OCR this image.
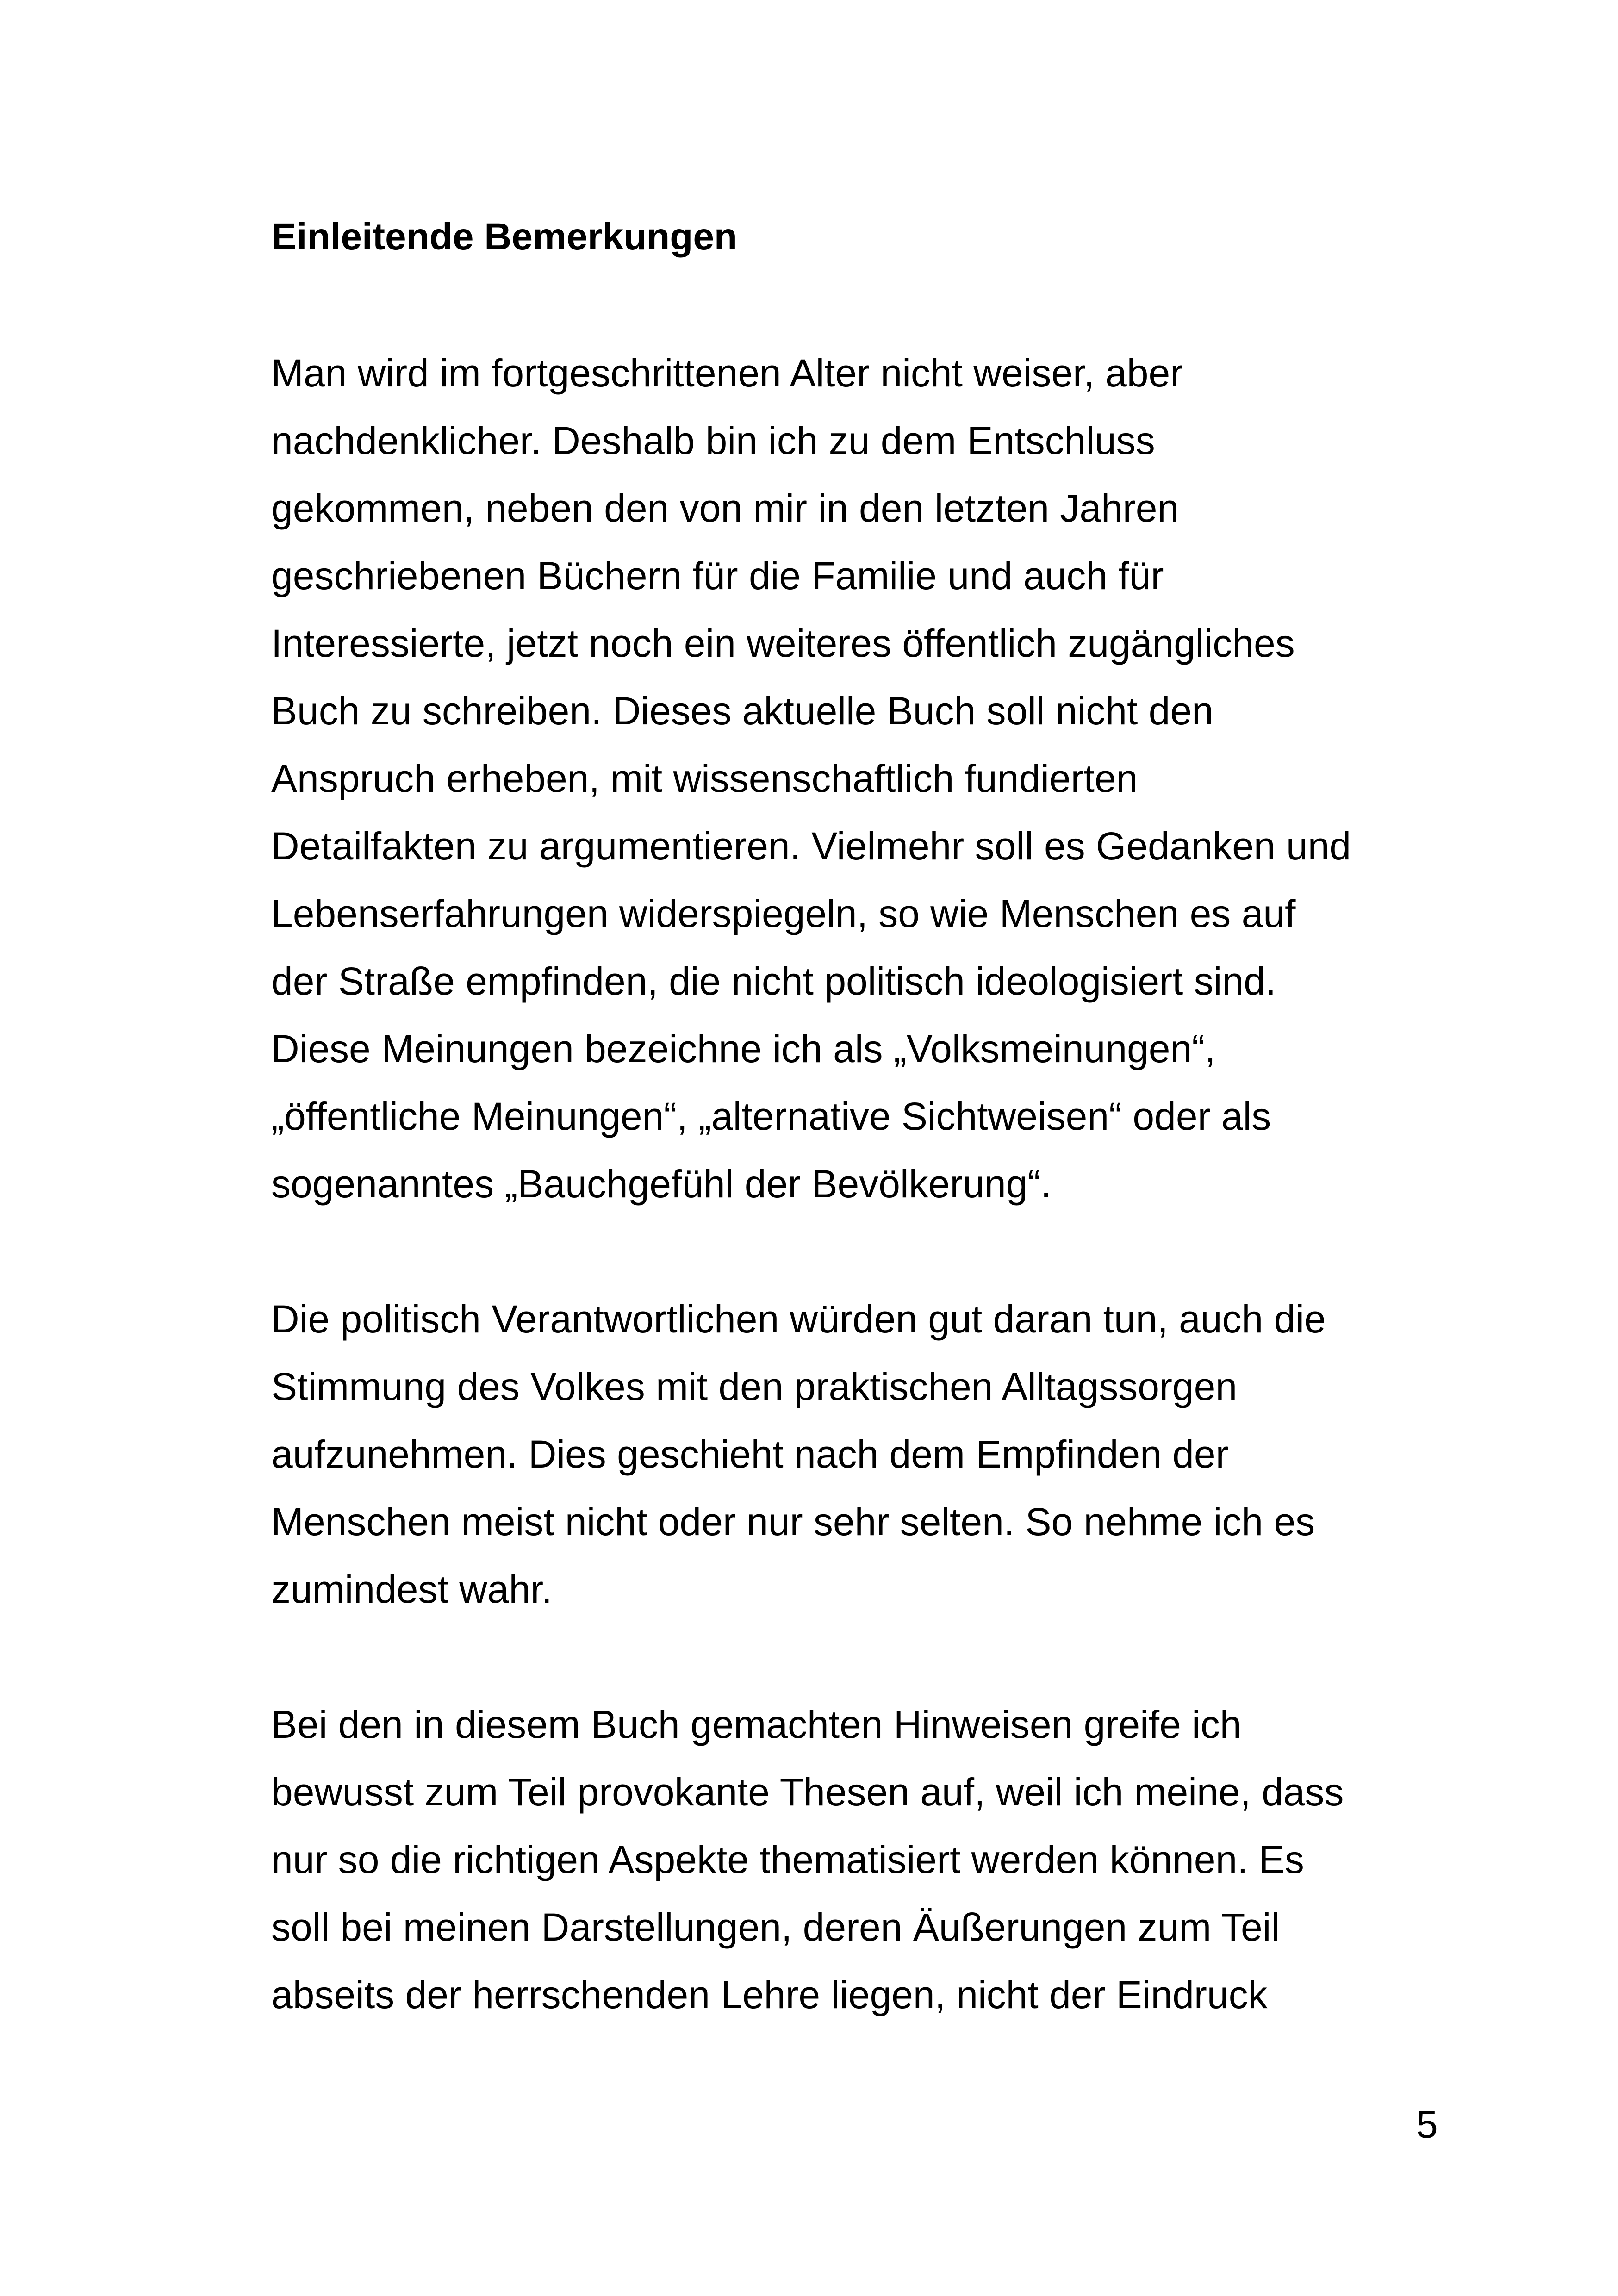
Einleitende Bemerkungen

Man wird im fortgeschrittenen Alter nicht weiser, aber

nachdenklicher. Deshalb bin ich zu dem Entschluss

gekommen, neben den von mir in den letzten Jahren

geschriebenen Büchern für die Familie und auch für

Interessierte, jetzt noch ein weiteres öffentlich zugängliches

Buch zu schreiben. Dieses aktuelle Buch soll nicht den

Anspruch erheben, mit wissenschaftlich fundierten

Detailfakten zu argumentieren. Vielmehr soll es Gedanken und

Lebenserfahrungen widerspiegeln, so wie Menschen es auf

der Straße empfinden, die nicht politisch ideologisiert sind.

Diese Meinungen bezeichne ich als „Volksmeinungen“,

„öffentliche Meinungen“, „alternative Sichtweisen“ oder als

sogenanntes „Bauchgefühl der Bevölkerung“.

Die politisch Verantwortlichen würden gut daran tun, auch die

Stimmung des Volkes mit den praktischen Alltagssorgen

aufzunehmen. Dies geschieht nach dem Empfinden der

Menschen meist nicht oder nur sehr selten. So nehme ich es

zumindest wahr.

Bei den in diesem Buch gemachten Hinweisen greife ich

bewusst zum Teil provokante Thesen auf, weil ich meine, dass

nur so die richtigen Aspekte thematisiert werden können. Es

soll bei meinen Darstellungen, deren Äußerungen zum Teil

abseits der herrschenden Lehre liegen, nicht der Eindruck

5
